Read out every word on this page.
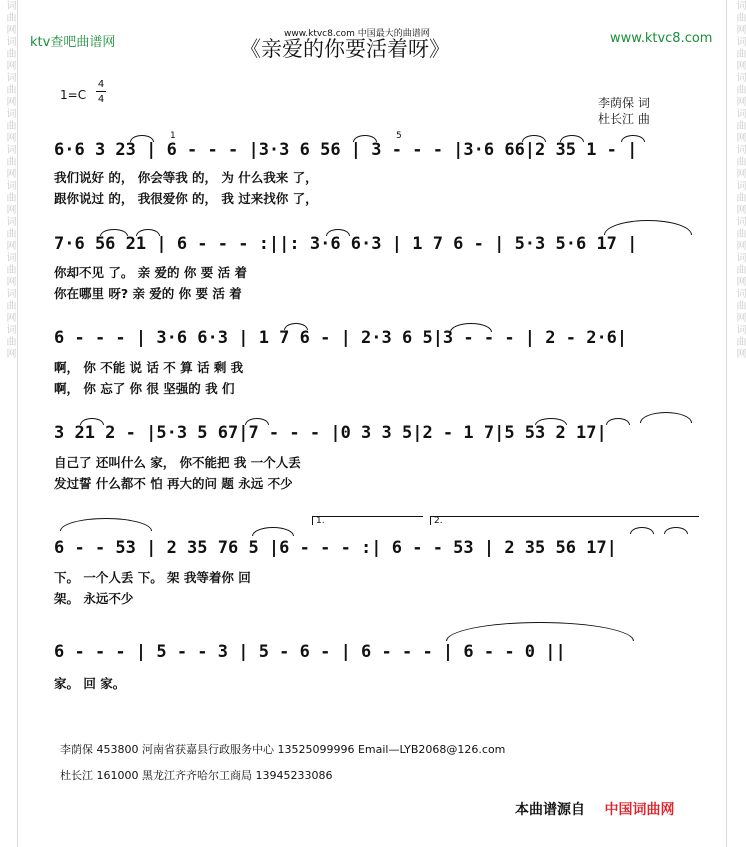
词曲网词曲网词曲网词曲网词曲网词曲网词曲网词曲网词曲网词曲网	词曲网词曲网词曲网词曲网词曲网词曲网词曲网词曲网词曲网词曲网
ktv查吧曲谱网	www.ktvc8.com
www.ktvc8.com 中国最大的曲谱网
《亲爱的你要活着呀》
1=C
4
4	李荫保 词
杜长江 曲
6·6 3 23 | 6 - - - |3·3 6 56 | 3 - - - |3·6 66|2 35 1 - |
1	5
我们说好 的， 你会等我 的， 为 什么我来 了，
跟你说过 的， 我很爱你 的， 我 过来找你 了，
7·6 56 21 | 6 - - - :||: 3·6 6·3 | 1 7 6 - | 5·3 5·6 17 |
你却不见 了。 亲 爱的 你 要 活 着
你在哪里 呀? 亲 爱的 你 要 活 着
6 - - - | 3·6 6·3 | 1 7 6 - | 2·3 6 5|3 - - - | 2 - 2·6|
啊， 你 不能 说 话 不 算 话 剩 我
啊， 你 忘了 你 很 坚强的 我 们
3 21 2 - |5·3 5 67|7 - - - |0 3 3 5|2 - 1 7|5 53 2 17|
自己了 还叫什么 家， 你不能把 我 一个人丢
发过誓 什么都不 怕 再大的问 题 永远 不少
1.	2.
6 - - 53 | 2 35 76 5 |6 - - - :| 6 - - 53 | 2 35 56 17|
下。 一个人丢 下。 架 我等着你 回
架。 永远不少
6 - - - | 5 - - 3 | 5 - 6 - | 6 - - - | 6 - - 0 ||
家。 回 家。
李荫保 453800 河南省获嘉县行政服务中心 13525099996 Email—LYB2068@126.com
杜长江 161000 黑龙江齐齐哈尔工商局 13945233086
本曲谱源自 中国词曲网
